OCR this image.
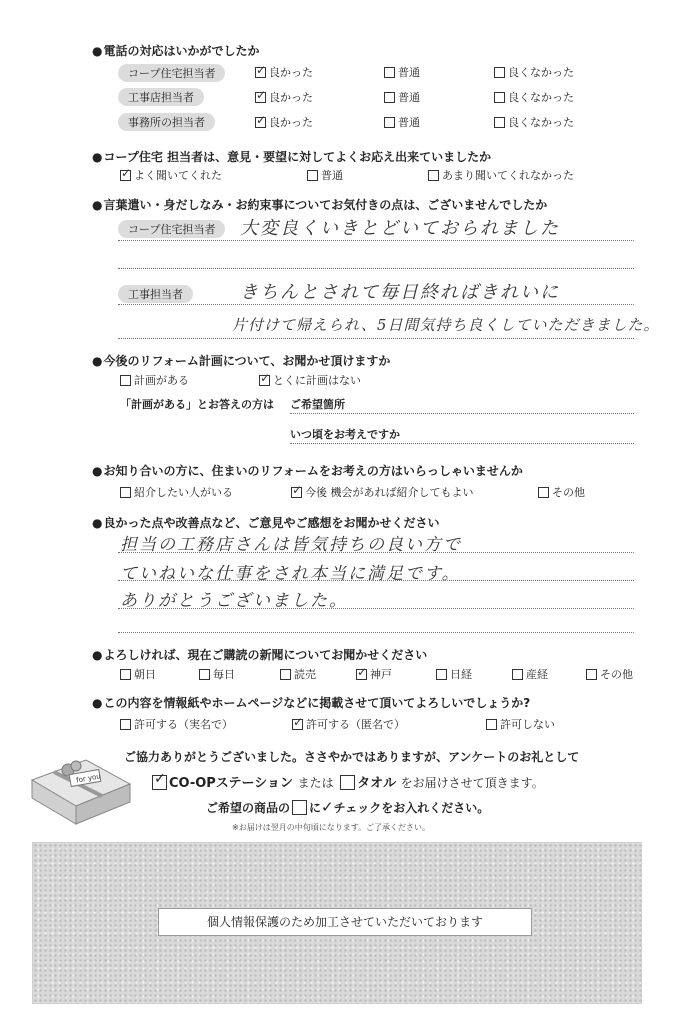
● 電話の対応はいかがでしたか
コープ住宅担当者 ✓	良かった	普通	良くなかった
工事店担当者 ✓	良かった	普通	良くなかった
事務所の担当者 ✓	良かった	普通	良くなかった
● コープ住宅 担当者は、意見・要望に対してよくお応え出来ていましたか
✓よく聞いてくれた	普通	あまり聞いてくれなかった
● 言葉遣い・身だしなみ・お約束事についてお気付きの点は、ございませんでしたか
コープ住宅担当者	大変良くいきとどいておられました
工事担当者	きちんとされて毎日終ればきれいに
片付けて帰えられ、5日間気持ち良くしていただきました。
● 今後のリフォーム計画について、お聞かせ頂けますか
計画がある ✓	とくに計画はない
「計画がある」とお答えの方は ご希望箇所
いつ頃をお考えですか
● お知り合いの方に、住まいのリフォームをお考えの方はいらっしゃいませんか
紹介したい人がいる ✓	今後 機会があれば紹介してもよい	その他
● 良かった点や改善点など、ご意見やご感想をお聞かせください
担当の工務店さんは皆気持ちの良い方で
ていねいな仕事をされ本当に満足です。
ありがとうございました。
● よろしければ、現在ご購読の新聞についてお聞かせください
朝日	毎日	読売 ✓	神戸	日経	産経	その他
● この内容を情報紙やホームページなどに掲載させて頂いてよろしいでしょうか?
許可する（実名で） ✓	許可する（匿名で）	許可しない
for you
ご協力ありがとうございました。ささやかではありますが、アンケートのお礼として
✓CO-OPステーション または タオル をお届けさせて頂きます。
ご希望の商品の に✓チェックをお入れください。
※お届けは翌月の中旬頃になります。ご了承ください。
個人情報保護のため加工させていただいております
